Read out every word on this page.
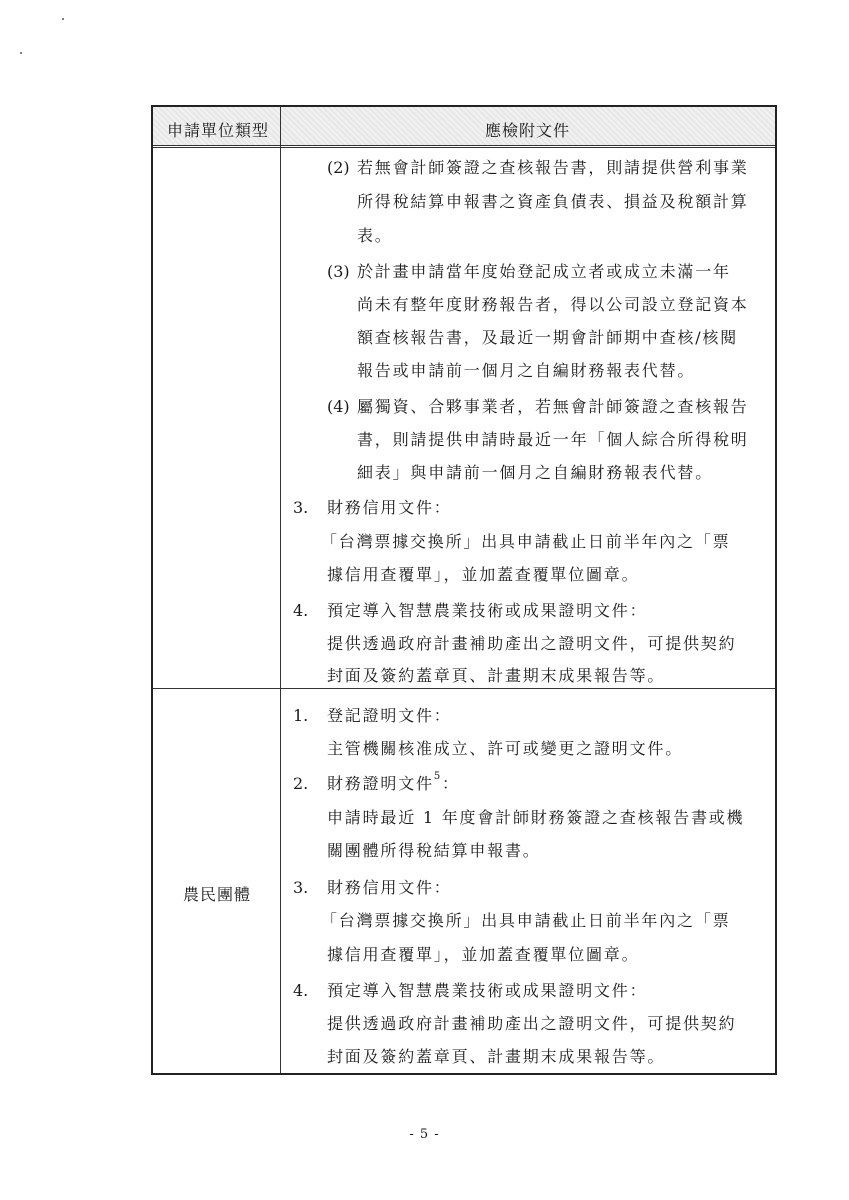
申請單位類型	應檢附文件
(2) 若無會計師簽證之查核報告書，則請提供營利事業
所得稅結算申報書之資產負債表、損益及稅額計算
表。
(3) 於計畫申請當年度始登記成立者或成立未滿一年
尚未有整年度財務報告者，得以公司設立登記資本
額查核報告書，及最近一期會計師期中查核/核閱
報告或申請前一個月之自編財務報表代替。
(4) 屬獨資、合夥事業者，若無會計師簽證之查核報告
書，則請提供申請時最近一年「個人綜合所得稅明
細表」與申請前一個月之自編財務報表代替。
3. 財務信用文件：
「台灣票據交換所」出具申請截止日前半年內之「票
據信用查覆單」，並加蓋查覆單位圖章。
4. 預定導入智慧農業技術或成果證明文件：
提供透過政府計畫補助產出之證明文件，可提供契約
封面及簽約蓋章頁、計畫期末成果報告等。
農民團體
1. 登記證明文件：
主管機關核准成立、許可或變更之證明文件。
2. 財務證明文件$^5$：
申請時最近 1 年度會計師財務簽證之查核報告書或機
關團體所得稅結算申報書。
3. 財務信用文件：
「台灣票據交換所」出具申請截止日前半年內之「票
據信用查覆單」，並加蓋查覆單位圖章。
4. 預定導入智慧農業技術或成果證明文件：
提供透過政府計畫補助產出之證明文件，可提供契約
封面及簽約蓋章頁、計畫期末成果報告等。
- 5 -
